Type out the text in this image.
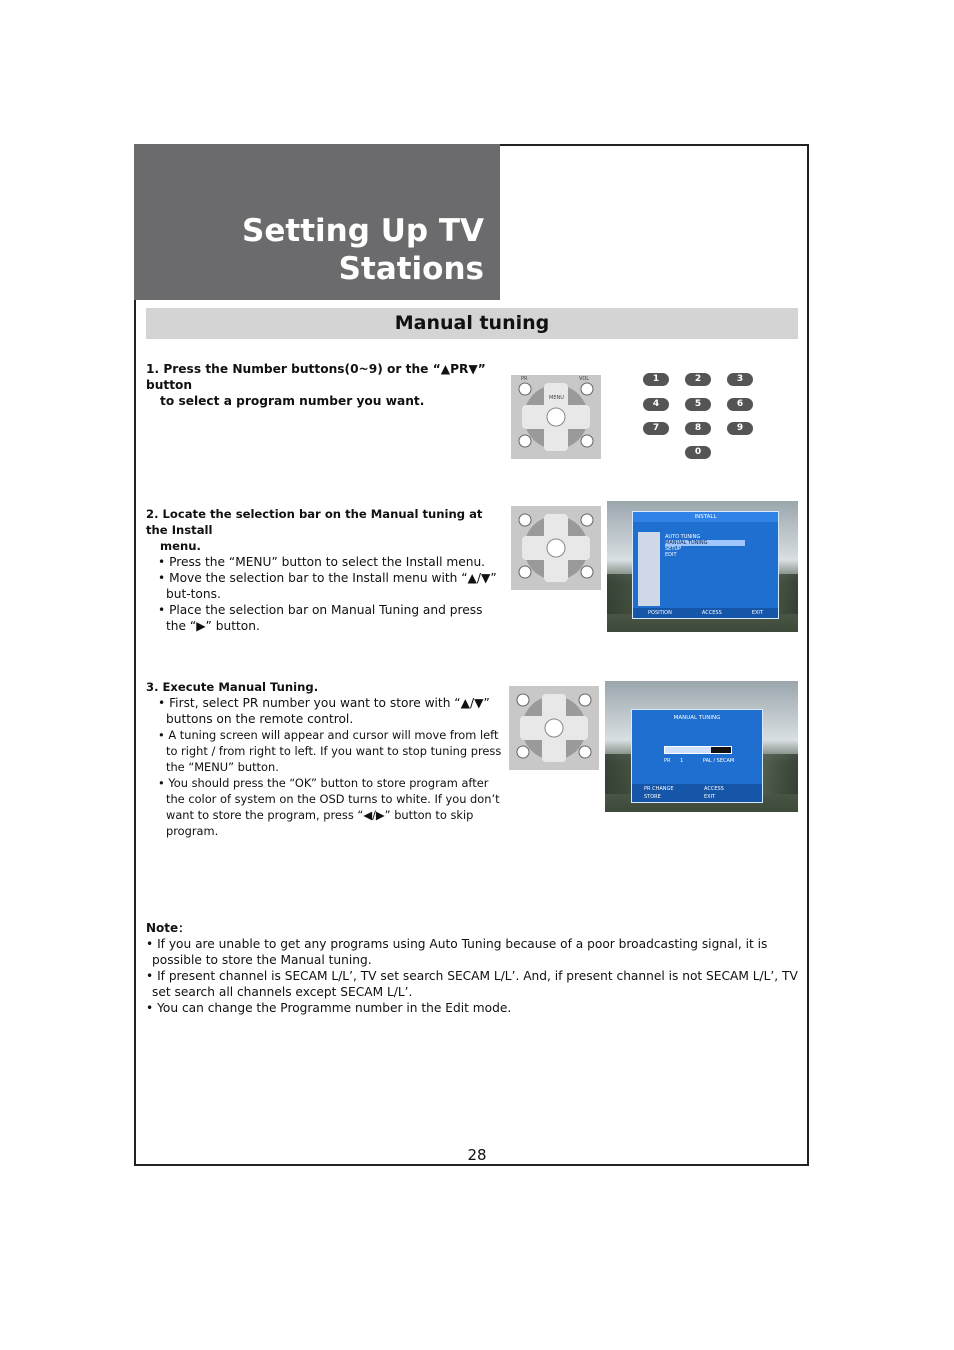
Setting Up TV
Stations
Manual tuning
1. Press the Number buttons(0~9) or the “▲PR▼” button
to select a program number you want.
PR	VOL
MENU
1	2	3
4	5	6
7	8	9
0
2. Locate the selection bar on the Manual tuning at the Install
menu.
• Press the “MENU” button to select the Install menu.
• Move the selection bar to the Install menu with “▲/▼” but-tons.
• Place the selection bar on Manual Tuning and press the “▶” button.
INSTALL
AUTO TUNING
MANUAL TUNING
SETUP
EDIT
POSITION	ACCESS	EXIT
3. Execute Manual Tuning.
• First, select PR number you want to store with “▲/▼” buttons on the remote control.
• A tuning screen will appear and cursor will move from left to right / from right to left. If you want to stop tuning press the “MENU” button.
• You should press the “OK” button to store program after the color of system on the OSD turns to white. If you don’t want to store the program, press “◀/▶” button to skip program.
MANUAL TUNING
PR 1	PAL / SECAM
PR CHANGE	ACCESS
STORE	EXIT
Note：
• If you are unable to get any programs using Auto Tuning because of a poor broadcasting signal, it is possible to store the Manual tuning.
• If present channel is SECAM L/L’, TV set search SECAM L/L’. And, if present channel is not SECAM L/L’, TV set search all channels except SECAM L/L’.
• You can change the Programme number in the Edit mode.
28
